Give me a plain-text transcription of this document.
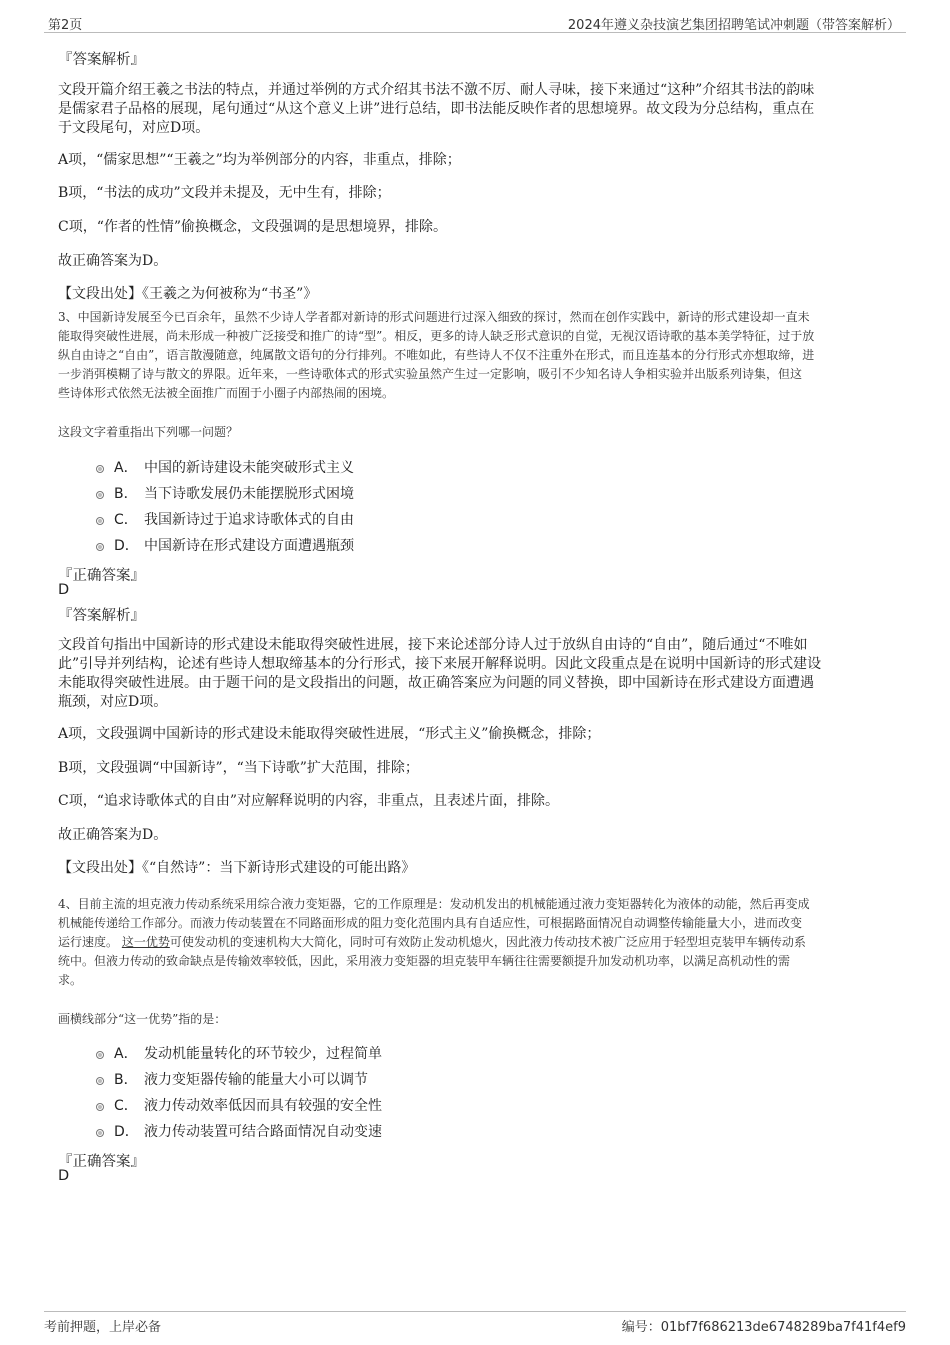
第2页	2024年遵义杂技演艺集团招聘笔试冲刺题（带答案解析）
『答案解析』
文段开篇介绍王羲之书法的特点，并通过举例的方式介绍其书法不激不厉、耐人寻味，接下来通过“这种”介绍其书法的韵味
是儒家君子品格的展现，尾句通过“从这个意义上讲”进行总结，即书法能反映作者的思想境界。故文段为分总结构，重点在
于文段尾句，对应D项。
A项，“儒家思想”“王羲之”均为举例部分的内容，非重点，排除；
B项，“书法的成功”文段并未提及，无中生有，排除；
C项，“作者的性情”偷换概念，文段强调的是思想境界，排除。
故正确答案为D。
【文段出处】《王羲之为何被称为“书圣”》
3、中国新诗发展至今已百余年，虽然不少诗人学者都对新诗的形式问题进行过深入细致的探讨，然而在创作实践中，新诗的形式建设却一直未
能取得突破性进展，尚未形成一种被广泛接受和推广的诗“型”。相反，更多的诗人缺乏形式意识的自觉，无视汉语诗歌的基本美学特征，过于放
纵自由诗之“自由”，语言散漫随意，纯属散文语句的分行排列。不唯如此，有些诗人不仅不注重外在形式，而且连基本的分行形式亦想取缔，进
一步消弭模糊了诗与散文的界限。近年来，一些诗歌体式的形式实验虽然产生过一定影响，吸引不少知名诗人争相实验并出版系列诗集，但这
些诗体形式依然无法被全面推广而囿于小圈子内部热闹的困境。
这段文字着重指出下列哪一问题？
A． 中国的新诗建设未能突破形式主义
B． 当下诗歌发展仍未能摆脱形式困境
C． 我国新诗过于追求诗歌体式的自由
D． 中国新诗在形式建设方面遭遇瓶颈
『正确答案』
D
『答案解析』
文段首句指出中国新诗的形式建设未能取得突破性进展，接下来论述部分诗人过于放纵自由诗的“自由”，随后通过“不唯如
此”引导并列结构，论述有些诗人想取缔基本的分行形式，接下来展开解释说明。因此文段重点是在说明中国新诗的形式建设
未能取得突破性进展。由于题干问的是文段指出的问题，故正确答案应为问题的同义替换，即中国新诗在形式建设方面遭遇
瓶颈，对应D项。
A项，文段强调中国新诗的形式建设未能取得突破性进展，“形式主义”偷换概念，排除；
B项，文段强调“中国新诗”，“当下诗歌”扩大范围，排除；
C项，“追求诗歌体式的自由”对应解释说明的内容，非重点，且表述片面，排除。
故正确答案为D。
【文段出处】《“自然诗”：当下新诗形式建设的可能出路》
4、目前主流的坦克液力传动系统采用综合液力变矩器，它的工作原理是：发动机发出的机械能通过液力变矩器转化为液体的动能，然后再变成
机械能传递给工作部分。而液力传动装置在不同路面形成的阻力变化范围内具有自适应性，可根据路面情况自动调整传输能量大小，进而改变
运行速度。 这一优势可使发动机的变速机构大大简化，同时可有效防止发动机熄火，因此液力传动技术被广泛应用于轻型坦克装甲车辆传动系
统中。但液力传动的致命缺点是传输效率较低，因此，采用液力变矩器的坦克装甲车辆往往需要额提升加发动机功率，以满足高机动性的需
求。
画横线部分“这一优势”指的是：
A． 发动机能量转化的环节较少，过程简单
B． 液力变矩器传输的能量大小可以调节
C． 液力传动效率低因而具有较强的安全性
D． 液力传动装置可结合路面情况自动变速
『正确答案』
D
考前押题，上岸必备	编号：01bf7f686213de6748289ba7f41f4ef9
